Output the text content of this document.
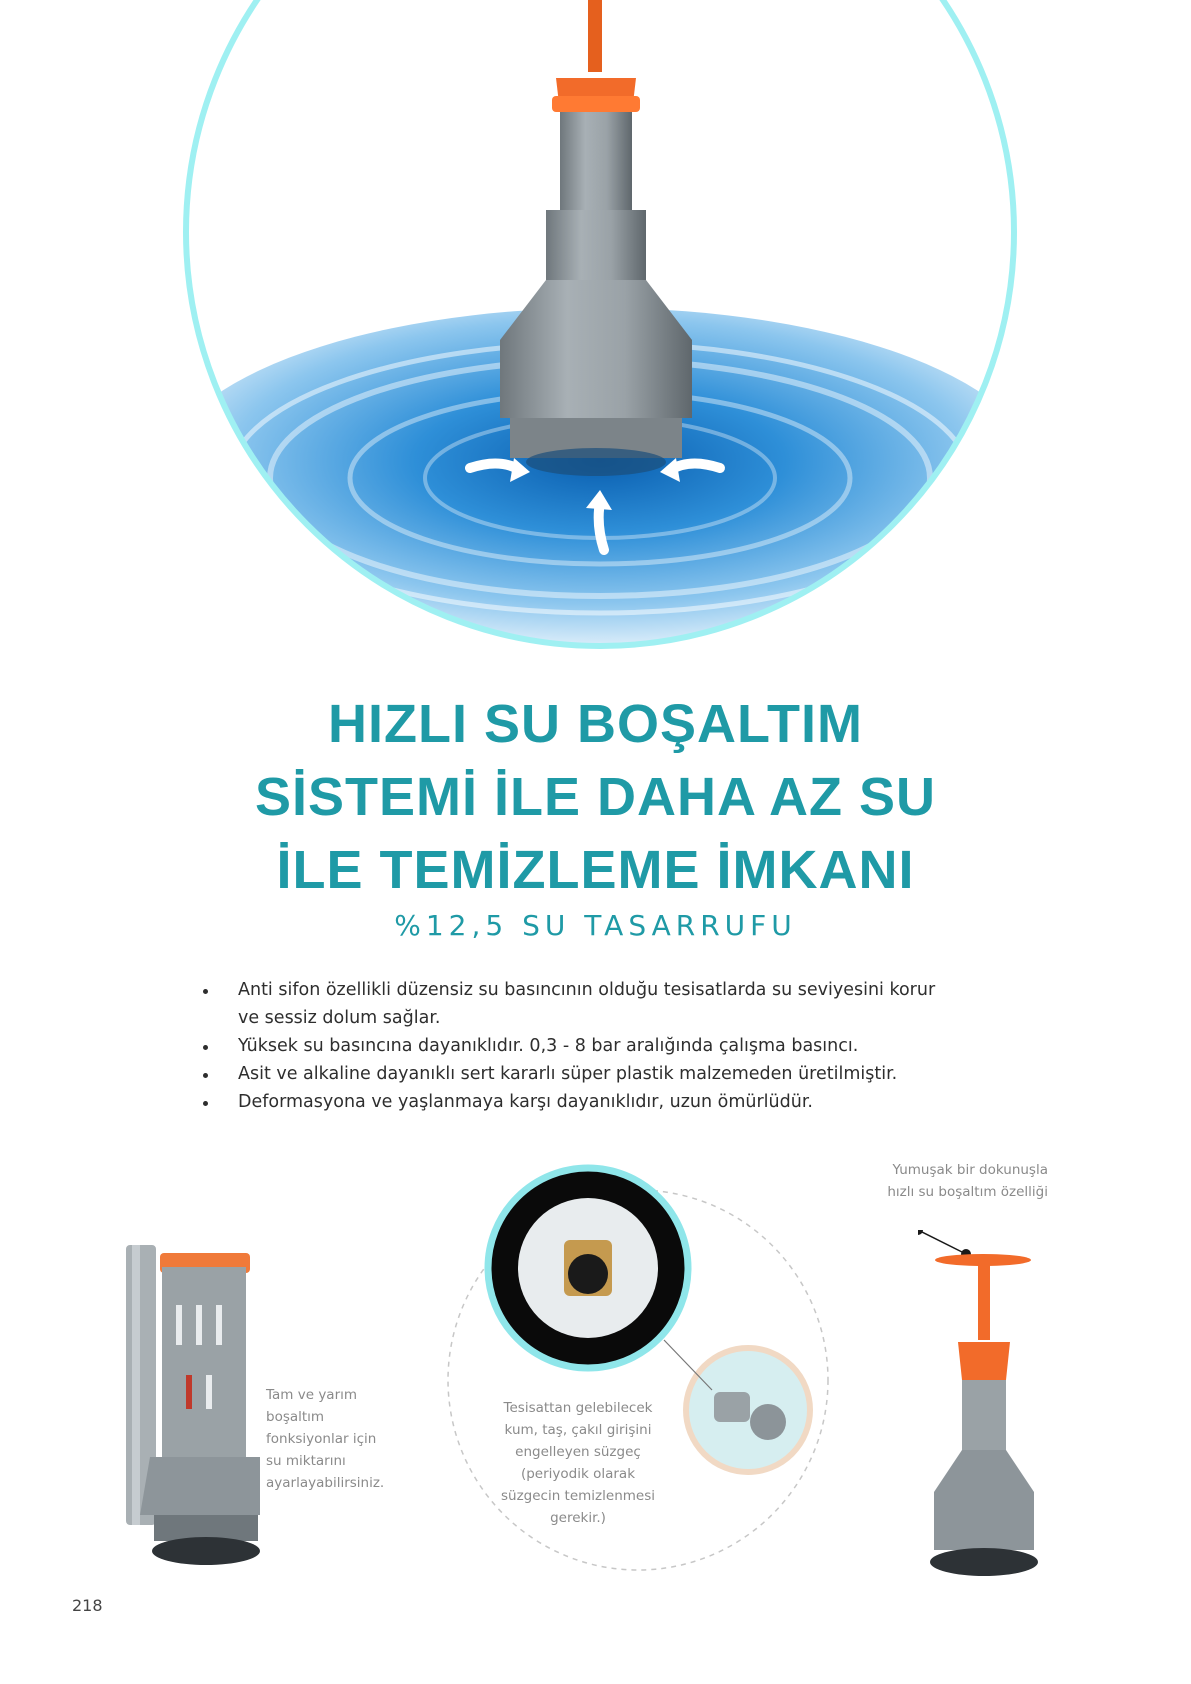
HIZLI SU BOŞALTIM
SİSTEMİ İLE DAHA AZ SU
İLE TEMİZLEME İMKANI
%12,5 SU TASARRUFU
Anti sifon özellikli düzensiz su basıncının olduğu tesisatlarda su seviyesini korur
ve sessiz dolum sağlar.
Yüksek su basıncına dayanıklıdır. 0,3 - 8 bar aralığında çalışma basıncı.
Asit ve alkaline dayanıklı sert kararlı süper plastik malzemeden üretilmiştir.
Deformasyona ve yaşlanmaya karşı dayanıklıdır, uzun ömürlüdür.
Tam ve yarım
boşaltım
fonksiyonlar için
su miktarını
ayarlayabilirsiniz.
Tesisattan gelebilecek
kum, taş, çakıl girişini
engelleyen süzgeç
(periyodik olarak
süzgecin temizlenmesi
gerekir.)
Yumuşak bir dokunuşla
hızlı su boşaltım özelliği
218
